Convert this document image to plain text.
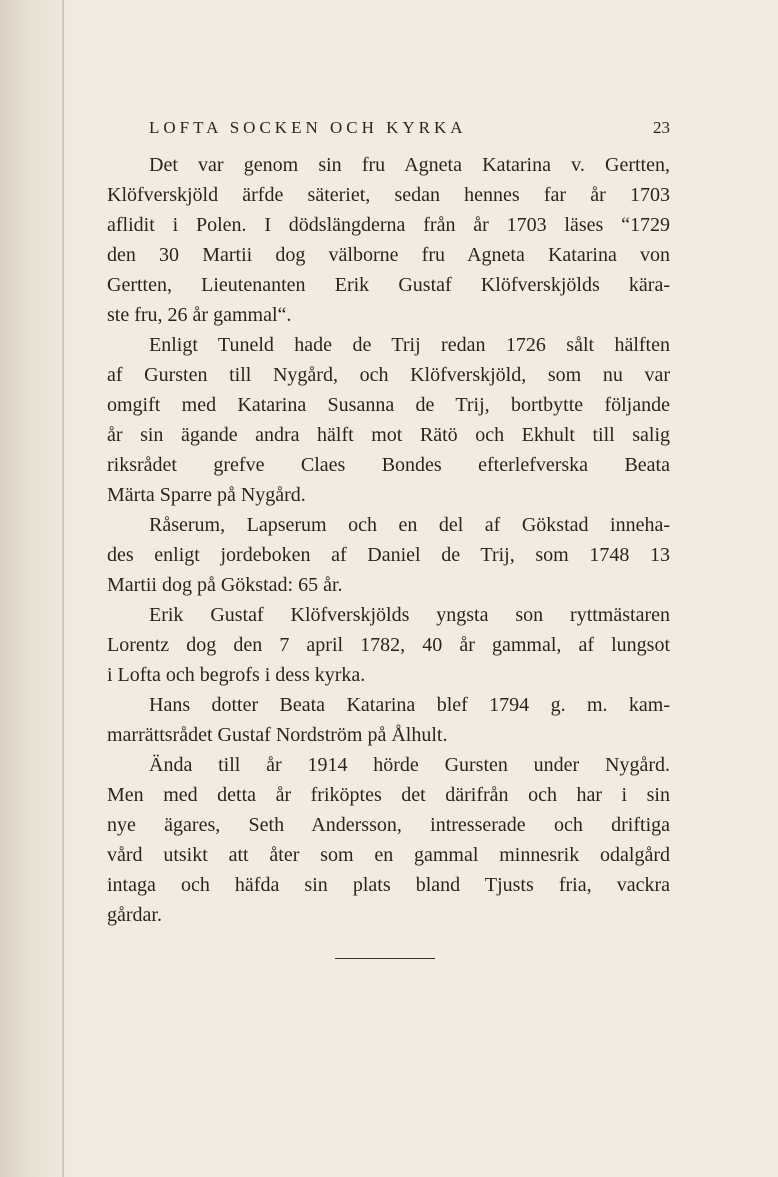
LOFTA SOCKEN OCH KYRKA	23

Det var genom sin fru Agneta Katarina v. Gertten,
Klöfverskjöld ärfde säteriet, sedan hennes far år 1703
aflidit i Polen. I dödslängderna från år 1703 läses “1729
den 30 Martii dog välborne fru Agneta Katarina von
Gertten, Lieutenanten Erik Gustaf Klöfverskjölds kära-
ste fru, 26 år gammal“.

Enligt Tuneld hade de Trij redan 1726 sålt hälften
af Gursten till Nygård, och Klöfverskjöld, som nu var
omgift med Katarina Susanna de Trij, bortbytte följande
år sin ägande andra hälft mot Rätö och Ekhult till salig
riksrådet grefve Claes Bondes efterlefverska Beata
Märta Sparre på Nygård.

Råserum, Lapserum och en del af Gökstad inneha-
des enligt jordeboken af Daniel de Trij, som 1748 13
Martii dog på Gökstad: 65 år.

Erik Gustaf Klöfverskjölds yngsta son ryttmästaren
Lorentz dog den 7 april 1782, 40 år gammal, af lungsot
i Lofta och begrofs i dess kyrka.

Hans dotter Beata Katarina blef 1794 g. m. kam-
marrättsrådet Gustaf Nordström på Ålhult.

Ända till år 1914 hörde Gursten under Nygård.
Men med detta år friköptes det därifrån och har i sin
nye ägares, Seth Andersson, intresserade och driftiga
vård utsikt att åter som en gammal minnesrik odalgård
intaga och häfda sin plats bland Tjusts fria, vackra
gårdar.
